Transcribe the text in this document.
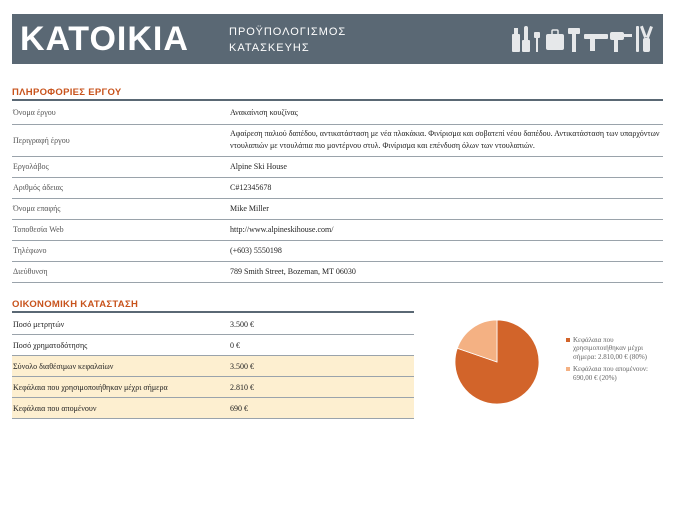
ΚΑΤΟΙΚΙΑ	ΠΡΟΫΠΟΛΟΓΙΣΜΟΣ
ΚΑΤΑΣΚΕΥΗΣ
ΠΛΗΡΟΦΟΡΙΕΣ ΕΡΓΟΥ
Όνομα έργου	Ανακαίνιση κουζίνας
Περιγραφή έργου	Αφαίρεση παλιού δαπέδου, αντικατάσταση με νέα πλακάκια. Φινίρισμα και σοβατεπί νέου δαπέδου. Αντικατάσταση των υπαρχόντων ντουλαπιών με ντουλάπια πιο μοντέρνου στυλ. Φινίρισμα και επένδυση όλων των ντουλαπιών.
Εργολάβος	Alpine Ski House
Αριθμός άδειας	C#12345678
Όνομα επαφής	Mike Miller
Τοποθεσία Web	http://www.alpineskihouse.com/
Τηλέφωνο	(+603) 5550198
Διεύθυνση	789 Smith Street, Bozeman, MT 06030
ΟΙΚΟΝΟΜΙΚΗ ΚΑΤΑΣΤΑΣΗ
Ποσό μετρητών	3.500 €
Ποσό χρηματοδότησης	0 €
Σύνολο διαθέσιμων κεφαλαίων	3.500 €
Κεφάλαια που χρησιμοποιήθηκαν μέχρι σήμερα	2.810 €
Κεφάλαια που απομένουν	690 €
Κεφάλαια που χρησιμοποιήθηκαν μέχρι σήμερα: 2.810,00 € (80%)
Κεφάλαια που απομένουν: 690,00 € (20%)
